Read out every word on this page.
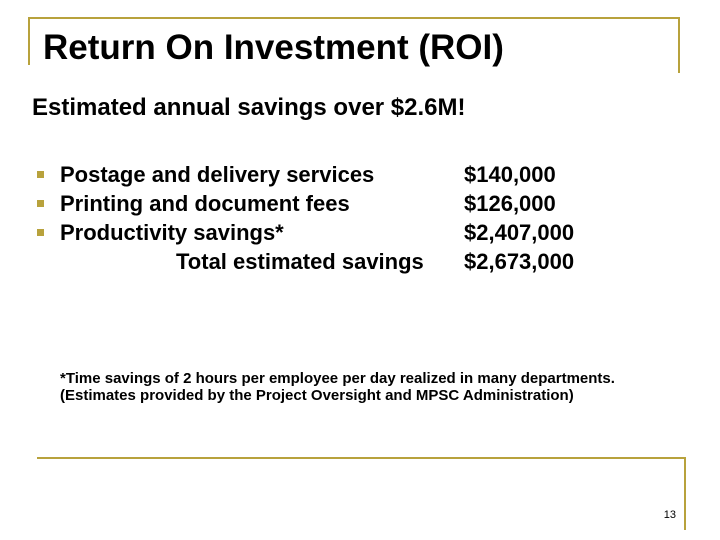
Return On Investment (ROI)

Estimated annual savings over $2.6M!

Postage and delivery services	$140,000
Printing and document fees	$126,000
Productivity savings*	$2,407,000
Total estimated savings $2,673,000

*Time savings of 2 hours per employee per day realized in many departments. (Estimates provided by the Project Oversight and MPSC Administration)

13
